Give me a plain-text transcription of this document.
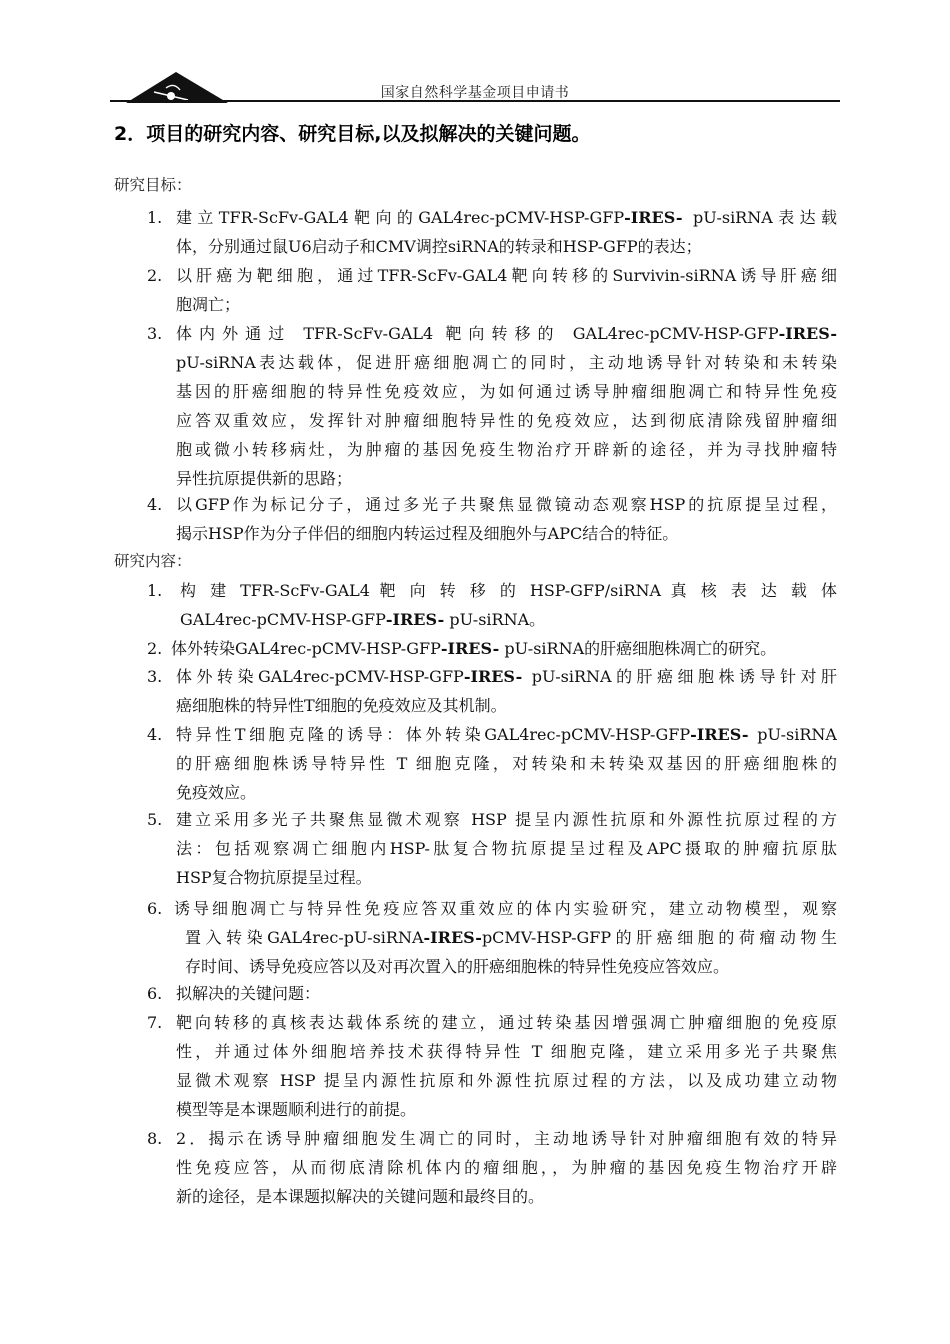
国家自然科学基金项目申请书
2．项目的研究内容、研究目标,以及拟解决的关键问题。
研究目标：
1. 建立TFR-ScFv-GAL4靶向的GAL4rec-pCMV-HSP-GFP-IRES- pU-siRNA表达载
体，分别通过鼠U6启动子和CMV调控siRNA的转录和HSP-GFP的表达；
2. 以肝癌为靶细胞，通过TFR-ScFv-GAL4靶向转移的Survivin-siRNA诱导肝癌细
胞凋亡；
3. 体内外通过 TFR-ScFv-GAL4 靶向转移的 GAL4rec-pCMV-HSP-GFP-IRES-
pU-siRNA表达载体，促进肝癌细胞凋亡的同时，主动地诱导针对转染和未转染
基因的肝癌细胞的特异性免疫效应，为如何通过诱导肿瘤细胞凋亡和特异性免疫
应答双重效应，发挥针对肿瘤细胞特异性的免疫效应，达到彻底清除残留肿瘤细
胞或微小转移病灶，为肿瘤的基因免疫生物治疗开辟新的途径，并为寻找肿瘤特
异性抗原提供新的思路；
4. 以GFP作为标记分子，通过多光子共聚焦显微镜动态观察HSP的抗原提呈过程，
揭示HSP作为分子伴侣的细胞内转运过程及细胞外与APC结合的特征。
研究内容：
1. 构 建 TFR-ScFv-GAL4 靶 向 转 移 的 HSP-GFP/siRNA 真 核 表 达 载 体
GAL4rec-pCMV-HSP-GFP-IRES- pU-siRNA。
2. 体外转染GAL4rec-pCMV-HSP-GFP-IRES- pU-siRNA的肝癌细胞株凋亡的研究。
3. 体外转染GAL4rec-pCMV-HSP-GFP-IRES- pU-siRNA的肝癌细胞株诱导针对肝
癌细胞株的特异性T细胞的免疫效应及其机制。
4. 特异性T细胞克隆的诱导：体外转染GAL4rec-pCMV-HSP-GFP-IRES- pU-siRNA
的肝癌细胞株诱导特异性 T 细胞克隆，对转染和未转染双基因的肝癌细胞株的
免疫效应。
5. 建立采用多光子共聚焦显微术观察 HSP 提呈内源性抗原和外源性抗原过程的方
法：包括观察凋亡细胞内HSP-肽复合物抗原提呈过程及APC摄取的肿瘤抗原肽
HSP复合物抗原提呈过程。
6. 诱导细胞凋亡与特异性免疫应答双重效应的体内实验研究，建立动物模型，观察
置入转染GAL4rec-pU-siRNA-IRES-pCMV-HSP-GFP的肝癌细胞的荷瘤动物生
存时间、诱导免疫应答以及对再次置入的肝癌细胞株的特异性免疫应答效应。
6. 拟解决的关键问题：
7. 靶向转移的真核表达载体系统的建立，通过转染基因增强凋亡肿瘤细胞的免疫原
性，并通过体外细胞培养技术获得特异性 T 细胞克隆，建立采用多光子共聚焦
显微术观察 HSP 提呈内源性抗原和外源性抗原过程的方法，以及成功建立动物
模型等是本课题顺利进行的前提。
8. 2．揭示在诱导肿瘤细胞发生凋亡的同时，主动地诱导针对肿瘤细胞有效的特异
性免疫应答，从而彻底清除机体内的瘤细胞，，为肿瘤的基因免疫生物治疗开辟
新的途径，是本课题拟解决的关键问题和最终目的。
